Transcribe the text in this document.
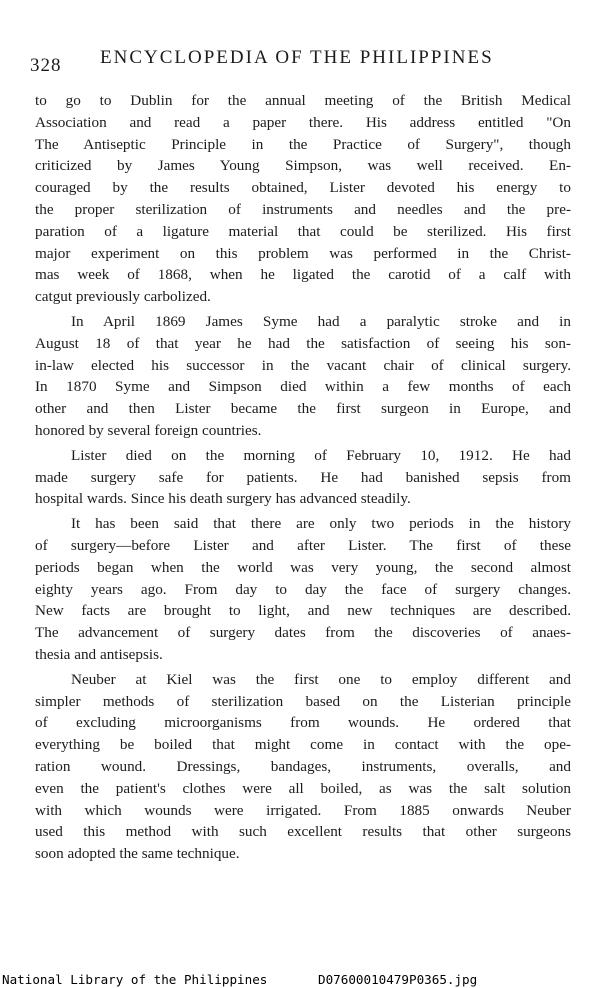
328 ENCYCLOPEDIA OF THE PHILIPPINES
to go to Dublin for the annual meeting of the British Medical
Association and read a paper there. His address entitled "On
The Antiseptic Principle in the Practice of Surgery", though
criticized by James Young Simpson, was well received. En-
couraged by the results obtained, Lister devoted his energy to
the proper sterilization of instruments and needles and the pre-
paration of a ligature material that could be sterilized. His first
major experiment on this problem was performed in the Christ-
mas week of 1868, when he ligated the carotid of a calf with
catgut previously carbolized.
In April 1869 James Syme had a paralytic stroke and in
August 18 of that year he had the satisfaction of seeing his son-
in-law elected his successor in the vacant chair of clinical surgery.
In 1870 Syme and Simpson died within a few months of each
other and then Lister became the first surgeon in Europe, and
honored by several foreign countries.
Lister died on the morning of February 10, 1912. He had
made surgery safe for patients. He had banished sepsis from
hospital wards. Since his death surgery has advanced steadily.
It has been said that there are only two periods in the history
of surgery—before Lister and after Lister. The first of these
periods began when the world was very young, the second almost
eighty years ago. From day to day the face of surgery changes.
New facts are brought to light, and new techniques are described.
The advancement of surgery dates from the discoveries of anaes-
thesia and antisepsis.
Neuber at Kiel was the first one to employ different and
simpler methods of sterilization based on the Listerian principle
of excluding microorganisms from wounds. He ordered that
everything be boiled that might come in contact with the ope-
ration wound. Dressings, bandages, instruments, overalls, and
even the patient's clothes were all boiled, as was the salt solution
with which wounds were irrigated. From 1885 onwards Neuber
used this method with such excellent results that other surgeons
soon adopted the same technique.
National Library of the Philippines	D07600010479P0365.jpg
